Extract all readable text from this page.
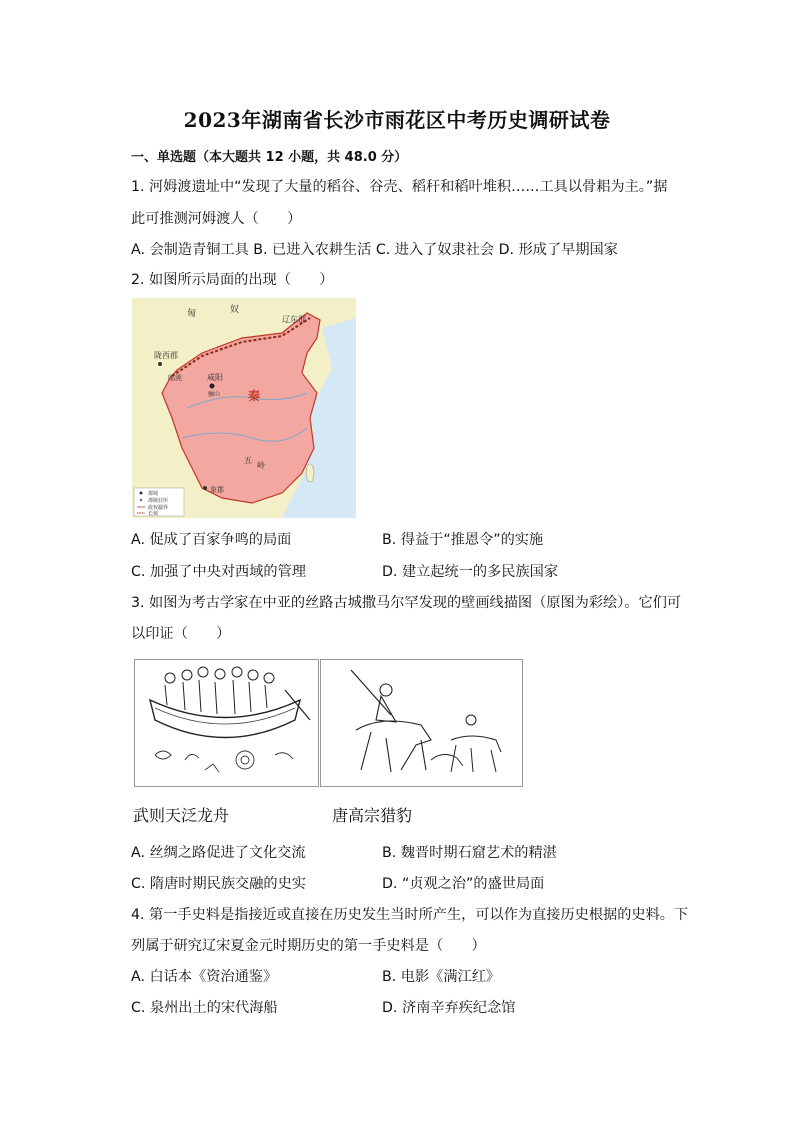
2023年湖南省长沙市雨花区中考历史调研试卷
一、单选题（本大题共 12 小题，共 48.0 分）
1. 河姆渡遗址中“发现了大量的稻谷、谷壳、稻秆和稻叶堆积……工具以骨耜为主。”据
此可推测河姆渡人（　　）
A. 会制造青铜工具 B. 已进入农耕生活 C. 进入了奴隶社会 D. 形成了早期国家
2. 如图所示局面的出现（　　）
匈	奴
辽东郡
陇西郡
咸阳
临洮
骊山 秦
五
岭
象郡
都城
郡级驻所
政权疆界
长城
A. 促成了百家争鸣的局面	B. 得益于“推恩令”的实施
C. 加强了中央对西域的管理	D. 建立起统一的多民族国家
3. 如图为考古学家在中亚的丝路古城撒马尔罕发现的壁画线描图（原图为彩绘）。它们可
以印证（　　）
武则天泛龙舟	唐高宗猎豹
A. 丝绸之路促进了文化交流	B. 魏晋时期石窟艺术的精湛
C. 隋唐时期民族交融的史实	D. “贞观之治”的盛世局面
4. 第一手史料是指接近或直接在历史发生当时所产生，可以作为直接历史根据的史料。下
列属于研究辽宋夏金元时期历史的第一手史料是（　　）
A. 白话本《资治通鉴》	B. 电影《满江红》
C. 泉州出土的宋代海船	D. 济南辛弃疾纪念馆
